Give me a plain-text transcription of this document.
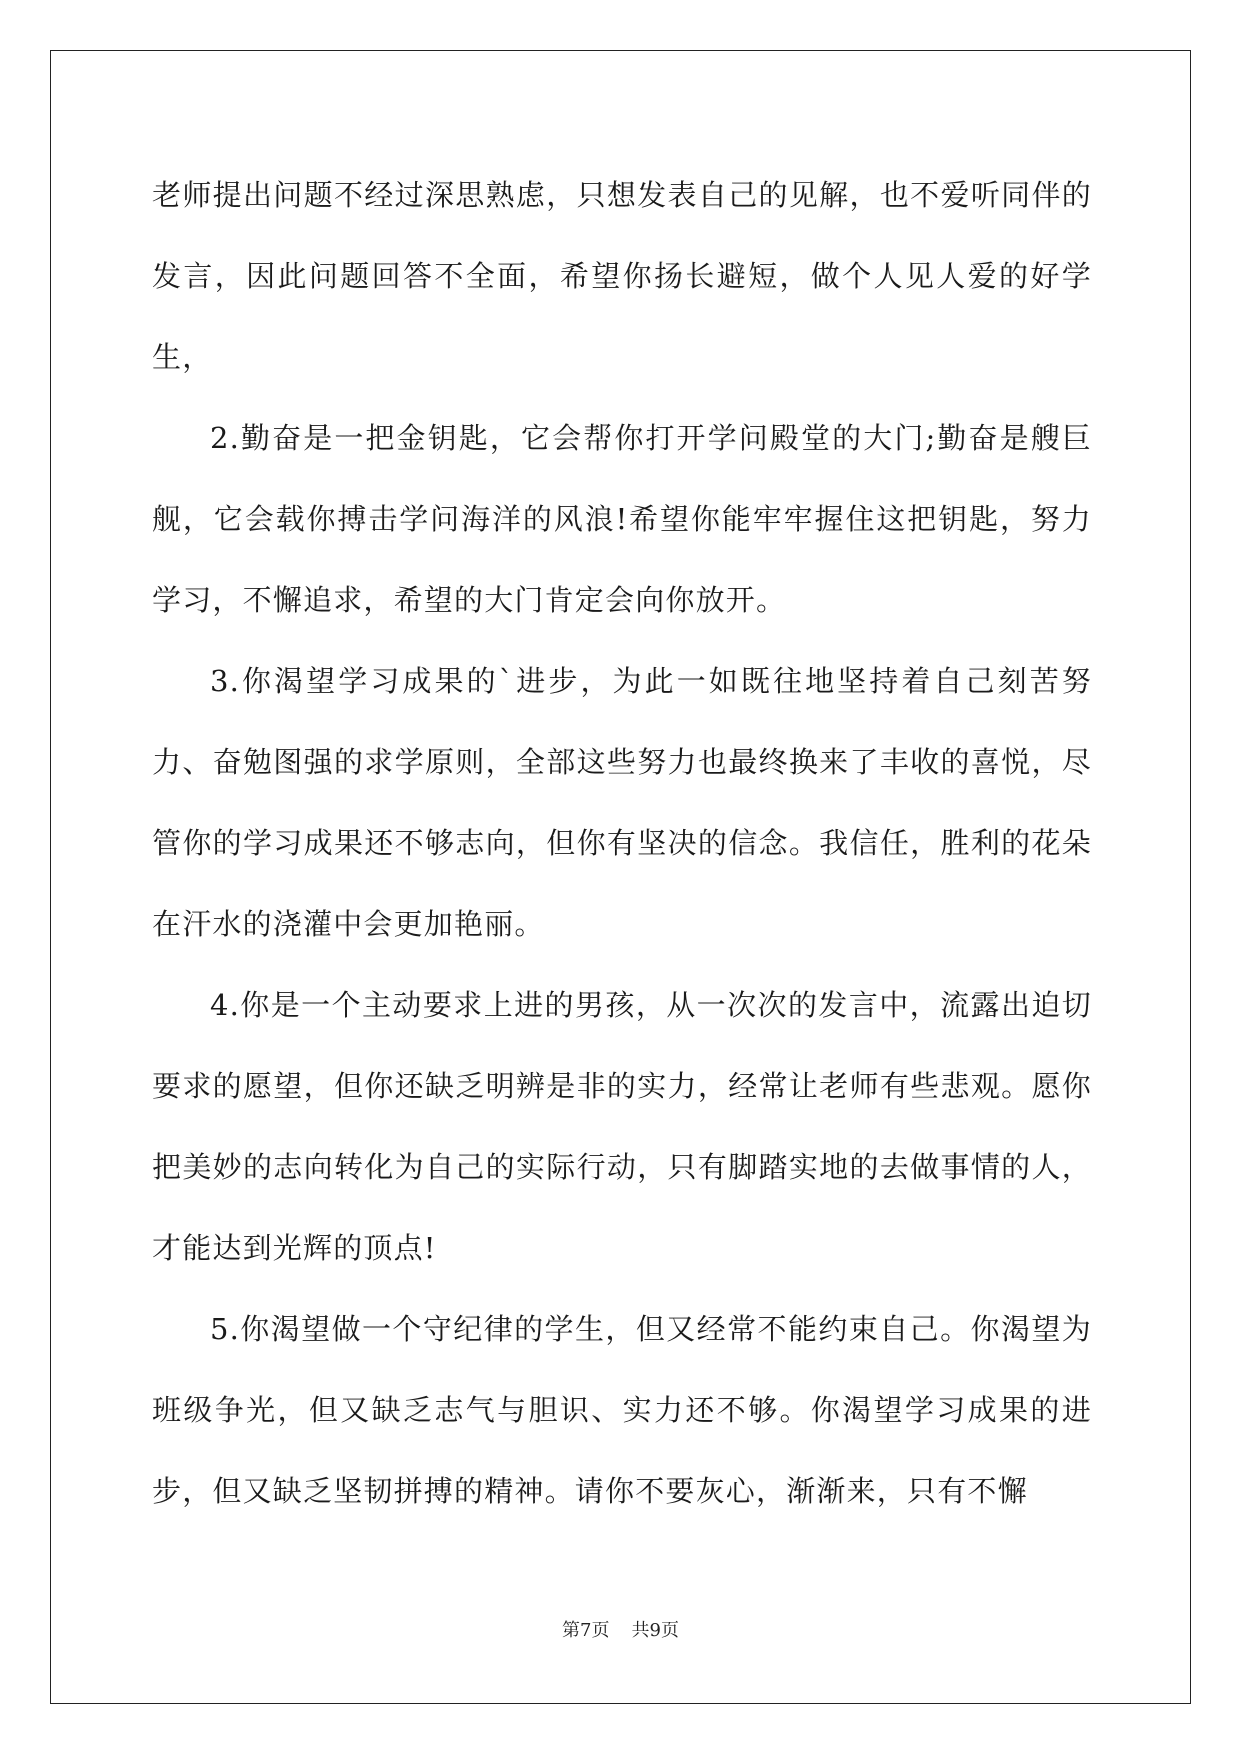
老师提出问题不经过深思熟虑，只想发表自己的见解，也不爱听同伴的发言，因此问题回答不全面，希望你扬长避短，做个人见人爱的好学生，

2.勤奋是一把金钥匙，它会帮你打开学问殿堂的大门;勤奋是艘巨舰，它会载你搏击学问海洋的风浪!希望你能牢牢握住这把钥匙，努力学习，不懈追求，希望的大门肯定会向你放开。

3.你渴望学习成果的`进步，为此一如既往地坚持着自己刻苦努力、奋勉图强的求学原则，全部这些努力也最终换来了丰收的喜悦，尽管你的学习成果还不够志向，但你有坚决的信念。我信任，胜利的花朵在汗水的浇灌中会更加艳丽。

4.你是一个主动要求上进的男孩，从一次次的发言中，流露出迫切要求的愿望，但你还缺乏明辨是非的实力，经常让老师有些悲观。愿你把美妙的志向转化为自己的实际行动，只有脚踏实地的去做事情的人，才能达到光辉的顶点!

5.你渴望做一个守纪律的学生，但又经常不能约束自己。你渴望为班级争光，但又缺乏志气与胆识、实力还不够。你渴望学习成果的进步，但又缺乏坚韧拼搏的精神。请你不要灰心，渐渐来，只有不懈

第7页 共9页
